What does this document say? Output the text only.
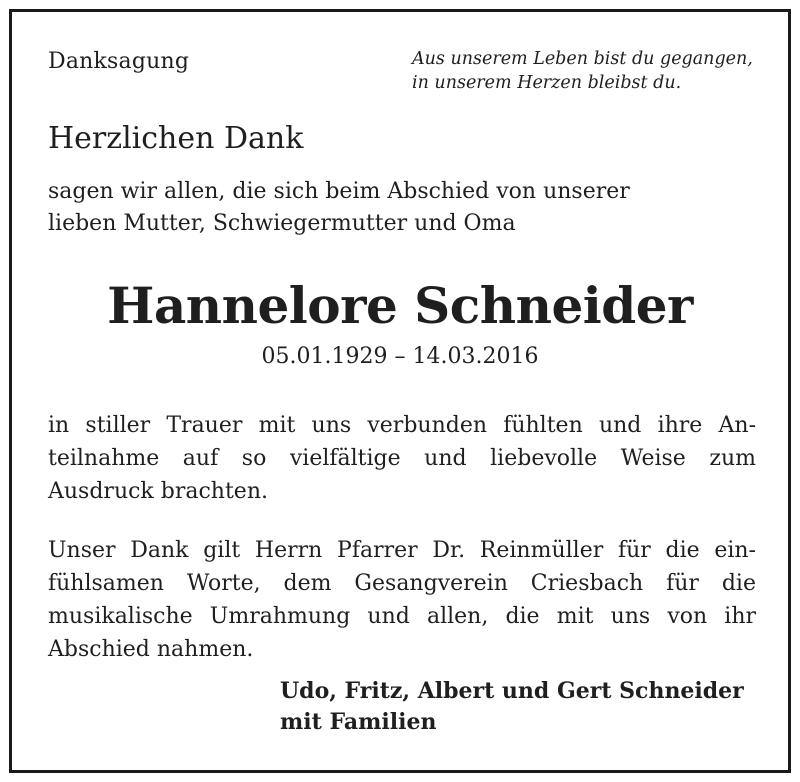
Danksagung	Aus unserem Leben bist du gegangen,
in unserem Herzen bleibst du.
Herzlichen Dank
sagen wir allen, die sich beim Abschied von unserer
lieben Mutter, Schwiegermutter und Oma
Hannelore Schneider
05.01.1929 – 14.03.2016
in stiller Trauer mit uns verbunden fühlten und ihre An-
teilnahme auf so vielfältige und liebevolle Weise zum
Ausdruck brachten.
Unser Dank gilt Herrn Pfarrer Dr. Reinmüller für die ein-
fühlsamen Worte, dem Gesangverein Criesbach für die
musikalische Umrahmung und allen, die mit uns von ihr
Abschied nahmen.
Udo, Fritz, Albert und Gert Schneider
mit Familien
